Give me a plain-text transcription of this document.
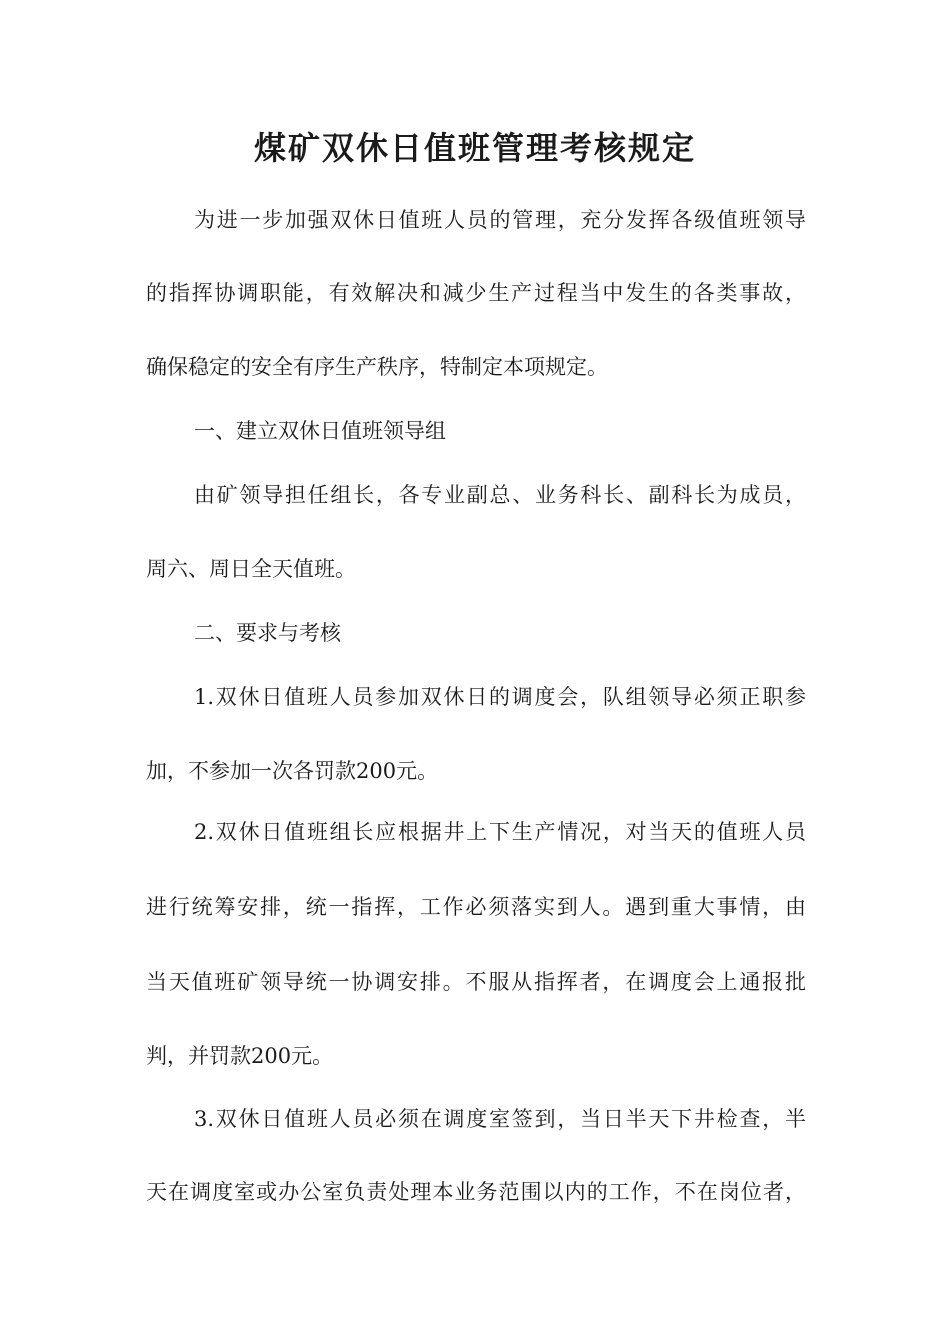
煤矿双休日值班管理考核规定

为进一步加强双休日值班人员的管理，充分发挥各级值班领导

的指挥协调职能，有效解决和减少生产过程当中发生的各类事故，

确保稳定的安全有序生产秩序，特制定本项规定。

一、建立双休日值班领导组

由矿领导担任组长，各专业副总、业务科长、副科长为成员，

周六、周日全天值班。

二、要求与考核

1.双休日值班人员参加双休日的调度会，队组领导必须正职参

加，不参加一次各罚款200元。

2.双休日值班组长应根据井上下生产情况，对当天的值班人员

进行统筹安排，统一指挥，工作必须落实到人。遇到重大事情，由

当天值班矿领导统一协调安排。不服从指挥者，在调度会上通报批

判，并罚款200元。

3.双休日值班人员必须在调度室签到，当日半天下井检查，半

天在调度室或办公室负责处理本业务范围以内的工作，不在岗位者，
